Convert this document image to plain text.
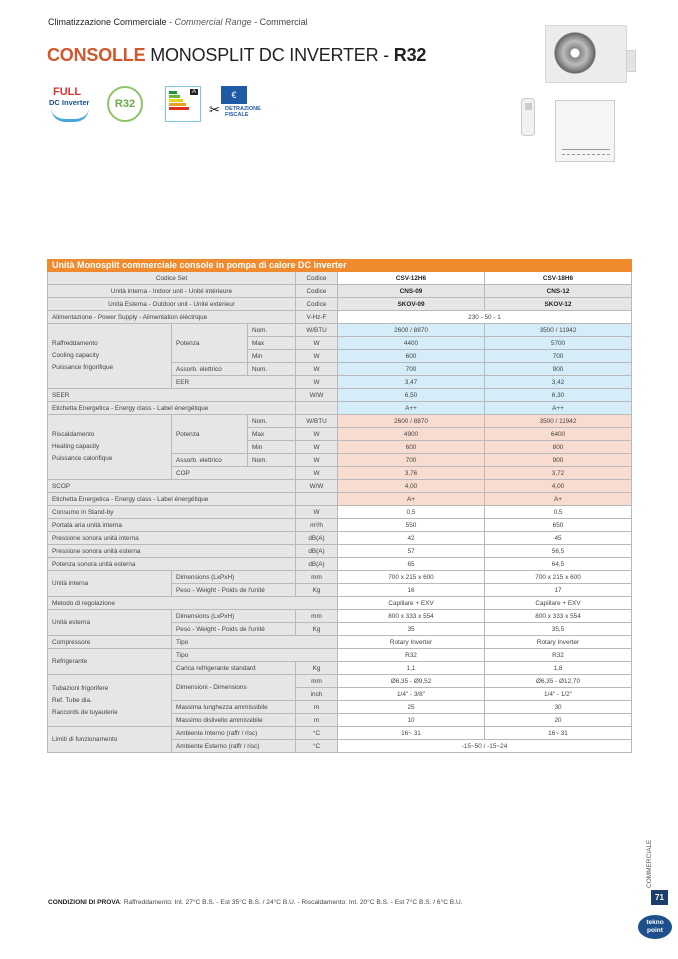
Climatizzazione Commerciale - Commercial Range - Commercial
CONSOLLE MONOSPLIT DC INVERTER - R32
FULL
DC Inverter	R32
A	€
✂ DETRAZIONE FISCALE
Unità Monosplit commerciale console in pompa di calore DC inverter					
Codice Set			Codice	CSV-12H6	CSV-18H6
Unità interna - Indoor unit - Unité intérieure			Codice	CNS-09	CNS-12
Unità Esterna - Outdoor unit - Unité extérieur			Codice	SKOV-09	SKOV-12
Alimentazione - Power Supply - Alimentation éléctrique			V-Hz-F	230 - 50 - 1	

Raffreddamento
Cooling capacity
Puissance frigorifique	Potenza	Nom.	W/BTU	2600 / 8870	3500 / 11942
		Max	W	4400	5700
		Min	W	600	700
	Assorb. elettrico	Nom.	W	700	900
	EER		W	3,47	3,42
SEER			W/W	6,50	6,30
Etichetta Energetica - Energy class - Label énergétique				A++	A++

Riscaldamento
Heating capacity
Puissance calorifique	Potenza	Nom.	W/BTU	2600 / 8870	3500 / 11942
		Max	W	4900	6400
		Min	W	600	800
	Assorb. elettrico	Nom.	W	700	900
	COP		W	3,76	3,72
SCOP			W/W	4,00	4,00
Etichetta Energetica - Energy class - Label énergétique				A+	A+
Consumo in Stand-by			W	0,5	0,5
Portata aria unità interna			m³/h	550	650
Pressione sonora unità interna			dB(A)	42	45
Pressione sonora unità esterna			dB(A)	57	56,5
Potenza sonora unità esterna			dB(A)	65	64,5
Unità interna	Dimensions (LxPxH)		mm	700 x 215 x 600	700 x 215 x 600
	Peso - Weight - Poids de l'unité		Kg	16	17
Metodo di regolazione				Capillare + EXV	Capillare + EXV
Unità esterna	Dimensions (LxPxH)		mm	800 x 333 x 554	800 x 333 x 554
	Peso - Weight - Poids de l'unité		Kg	35	35,5
Compressore	Tipo			Rotary Inverter	Rotary Inverter
Refrigerante	Tipo			R32	R32
	Carica refrigerante standard		Kg	1,1	1,8

Tubazioni frigorifere
Ref. Tube dia.
Raccords de tuyauterie	Dimensioni - Dimensions		mm	Ø6,35 - Ø9,52	Ø6,35 - Ø12,70
			inch	1/4" - 3/8"	1/4" - 1/2"
	Massima lunghezza ammissibile		m	25	30
	Massimo dislivello ammissibile		m	10	20
Limiti di funzionamento	Ambiente Interno (raffr / risc)		°C	16~ 31	16~ 31
	Ambiente Esterno (raffr / risc)		°C	-15~50 / -15~24	
CONDIZIONI DI PROVA: Raffreddamento: Int. 27°C B.S. - Est 35°C B.S. / 24°C B.U. - Riscaldamento: Int. 20°C B.S. - Est 7°C B.S. / 6°C B.U.
COMMERCIALE
71
tekno
point
